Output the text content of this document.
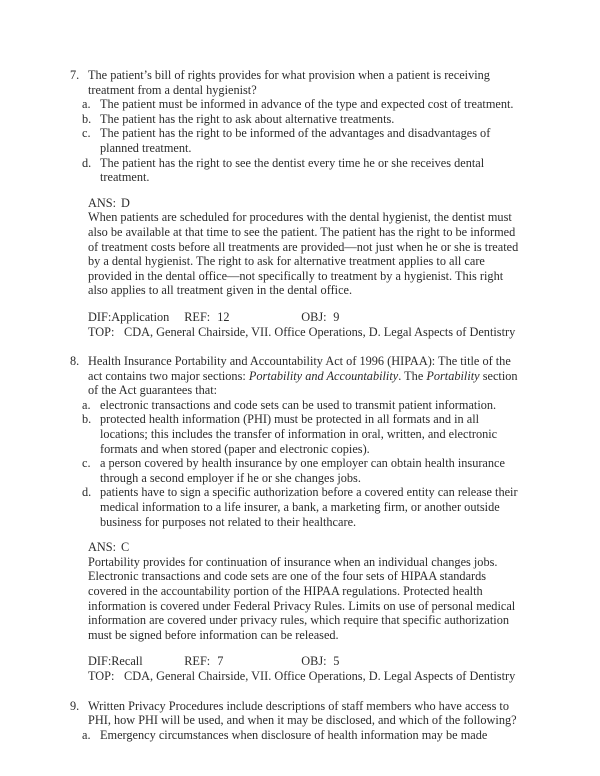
7. The patient’s bill of rights provides for what provision when a patient is receiving treatment from a dental hygienist?
a. The patient must be informed in advance of the type and expected cost of treatment.
b. The patient has the right to ask about alternative treatments.
c. The patient has the right to be informed of the advantages and disadvantages of planned treatment.
d. The patient has the right to see the dentist every time he or she receives dental treatment.
ANS: D
When patients are scheduled for procedures with the dental hygienist, the dentist must also be available at that time to see the patient. The patient has the right to be informed of treatment costs before all treatments are provided—not just when he or she is treated by a dental hygienist. The right to ask for alternative treatment applies to all care provided in the dental office—not specifically to treatment by a hygienist. This right also applies to all treatment given in the dental office.
DIF:Application REF: 12	OBJ: 9
TOP: CDA, General Chairside, VII. Office Operations, D. Legal Aspects of Dentistry
8. Health Insurance Portability and Accountability Act of 1996 (HIPAA): The title of the act contains two major sections: Portability and Accountability. The Portability section of the Act guarantees that:
a. electronic transactions and code sets can be used to transmit patient information.
b. protected health information (PHI) must be protected in all formats and in all locations; this includes the transfer of information in oral, written, and electronic formats and when stored (paper and electronic copies).
c. a person covered by health insurance by one employer can obtain health insurance through a second employer if he or she changes jobs.
d. patients have to sign a specific authorization before a covered entity can release their medical information to a life insurer, a bank, a marketing firm, or another outside business for purposes not related to their healthcare.
ANS: C
Portability provides for continuation of insurance when an individual changes jobs. Electronic transactions and code sets are one of the four sets of HIPAA standards covered in the accountability portion of the HIPAA regulations. Protected health information is covered under Federal Privacy Rules. Limits on use of personal medical information are covered under privacy rules, which require that specific authorization must be signed before information can be released.
DIF:Recall	REF: 7	OBJ: 5
TOP: CDA, General Chairside, VII. Office Operations, D. Legal Aspects of Dentistry
9. Written Privacy Procedures include descriptions of staff members who have access to PHI, how PHI will be used, and when it may be disclosed, and which of the following?
a. Emergency circumstances when disclosure of health information may be made
